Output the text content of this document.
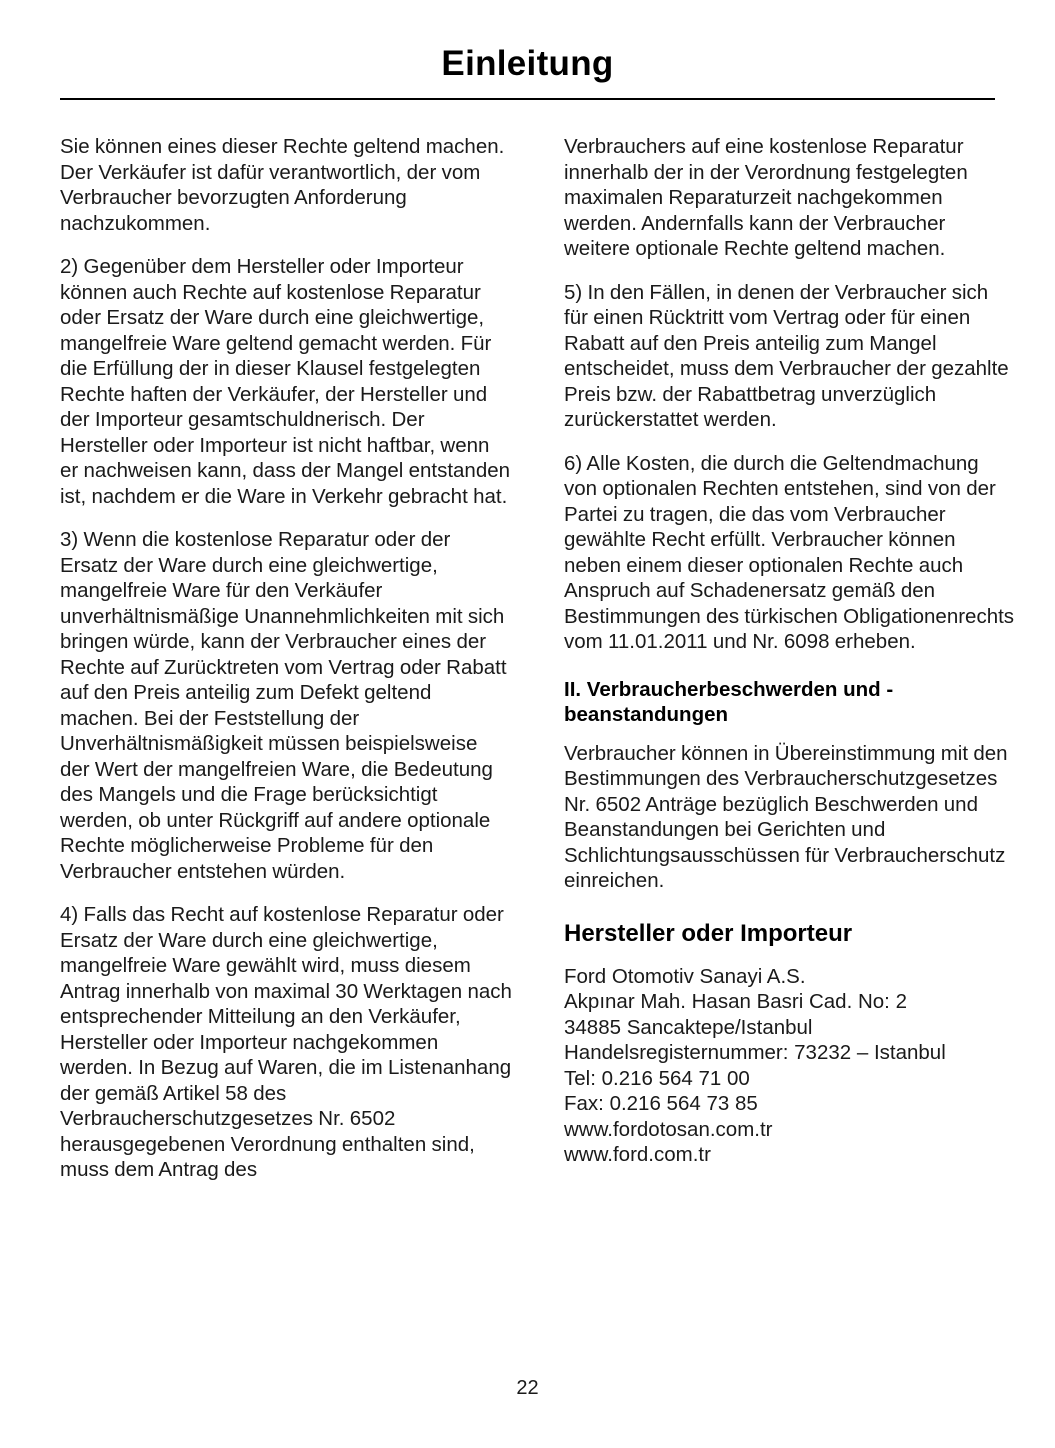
Einleitung

Sie können eines dieser Rechte geltend machen. Der Verkäufer ist dafür verantwortlich, der vom Verbraucher bevorzugten Anforderung nachzukommen.

2) Gegenüber dem Hersteller oder Importeur können auch Rechte auf kostenlose Reparatur oder Ersatz der Ware durch eine gleichwertige, mangelfreie Ware geltend gemacht werden. Für die Erfüllung der in dieser Klausel festgelegten Rechte haften der Verkäufer, der Hersteller und der Importeur gesamtschuldnerisch. Der Hersteller oder Importeur ist nicht haftbar, wenn er nachweisen kann, dass der Mangel entstanden ist, nachdem er die Ware in Verkehr gebracht hat.

3) Wenn die kostenlose Reparatur oder der Ersatz der Ware durch eine gleichwertige, mangelfreie Ware für den Verkäufer unverhältnismäßige Unannehmlichkeiten mit sich bringen würde, kann der Verbraucher eines der Rechte auf Zurücktreten vom Vertrag oder Rabatt auf den Preis anteilig zum Defekt geltend machen. Bei der Feststellung der Unverhältnismäßigkeit müssen beispielsweise der Wert der mangelfreien Ware, die Bedeutung des Mangels und die Frage berücksichtigt werden, ob unter Rückgriff auf andere optionale Rechte möglicherweise Probleme für den Verbraucher entstehen würden.

4) Falls das Recht auf kostenlose Reparatur oder Ersatz der Ware durch eine gleichwertige, mangelfreie Ware gewählt wird, muss diesem Antrag innerhalb von maximal 30 Werktagen nach entsprechender Mitteilung an den Verkäufer, Hersteller oder Importeur nachgekommen werden. In Bezug auf Waren, die im Listenanhang der gemäß Artikel 58 des Verbraucherschutzgesetzes Nr. 6502 herausgegebenen Verordnung enthalten sind, muss dem Antrag des

Verbrauchers auf eine kostenlose Reparatur innerhalb der in der Verordnung festgelegten maximalen Reparaturzeit nachgekommen werden. Andernfalls kann der Verbraucher weitere optionale Rechte geltend machen.

5) In den Fällen, in denen der Verbraucher sich für einen Rücktritt vom Vertrag oder für einen Rabatt auf den Preis anteilig zum Mangel entscheidet, muss dem Verbraucher der gezahlte Preis bzw. der Rabattbetrag unverzüglich zurückerstattet werden.

6) Alle Kosten, die durch die Geltendmachung von optionalen Rechten entstehen, sind von der Partei zu tragen, die das vom Verbraucher gewählte Recht erfüllt. Verbraucher können neben einem dieser optionalen Rechte auch Anspruch auf Schadenersatz gemäß den Bestimmungen des türkischen Obligationenrechts vom 11.01.2011 und Nr. 6098 erheben.

II. Verbraucherbeschwerden und -beanstandungen

Verbraucher können in Übereinstimmung mit den Bestimmungen des Verbraucherschutzgesetzes Nr. 6502 Anträge bezüglich Beschwerden und Beanstandungen bei Gerichten und Schlichtungsausschüssen für Verbraucherschutz einreichen.

Hersteller oder Importeur
Ford Otomotiv Sanayi A.S.
Akpınar Mah. Hasan Basri Cad. No: 2
34885 Sancaktepe/Istanbul
Handelsregisternummer: 73232 – Istanbul
Tel: 0.216 564 71 00
Fax: 0.216 564 73 85
www.fordotosan.com.tr
www.ford.com.tr
22
